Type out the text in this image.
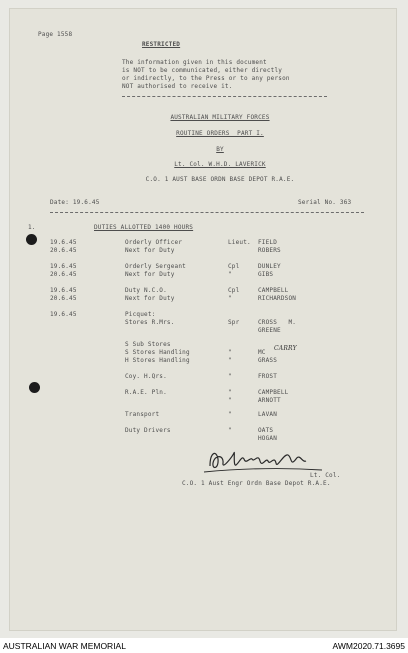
Page 1558
RESTRICTED
The information given in this document
is NOT to be communicated, either directly
or indirectly, to the Press or to any person
NOT authorised to receive it.
AUSTRALIAN MILITARY FORCES
ROUTINE ORDERS  PART I.
BY
Lt. Col. W.H.D. LAVERICK
C.O. 1 AUST BASE ORDN BASE DEPOT R.A.E.
Date: 19.6.45	Serial No. 363
1.	DUTIES ALLOTTED 1400 HOURS
19.6.45	Orderly Officer	Lieut. FIELD
20.6.45	Next for Duty	ROBERS
19.6.45	Orderly Sergeant	Cpl	DUNLEY
20.6.45	Next for Duty	"	GIBS
19.6.45	Duty N.C.O.	Cpl	CAMPBELL
20.6.45	Next for Duty	"	RICHARDSON
19.6.45	Picquet:
Stores R.Mrs.	Spr	CROSS   M.
GREENE
S Sub Stores
S Stores Handling	"	MC
CARRY
H Stores Handling	"	GRASS
Coy. H.Qrs.	"	FROST
R.A.E. Pln.	"	CAMPBELL
"	ARNOTT
Transport	"	LAVAN
Duty Drivers	"	OATS
HOGAN
Lt. Col.
C.O. 1 Aust Engr Ordn Base Depot R.A.E.
AUSTRALIAN WAR MEMORIAL	AWM2020.71.3695
